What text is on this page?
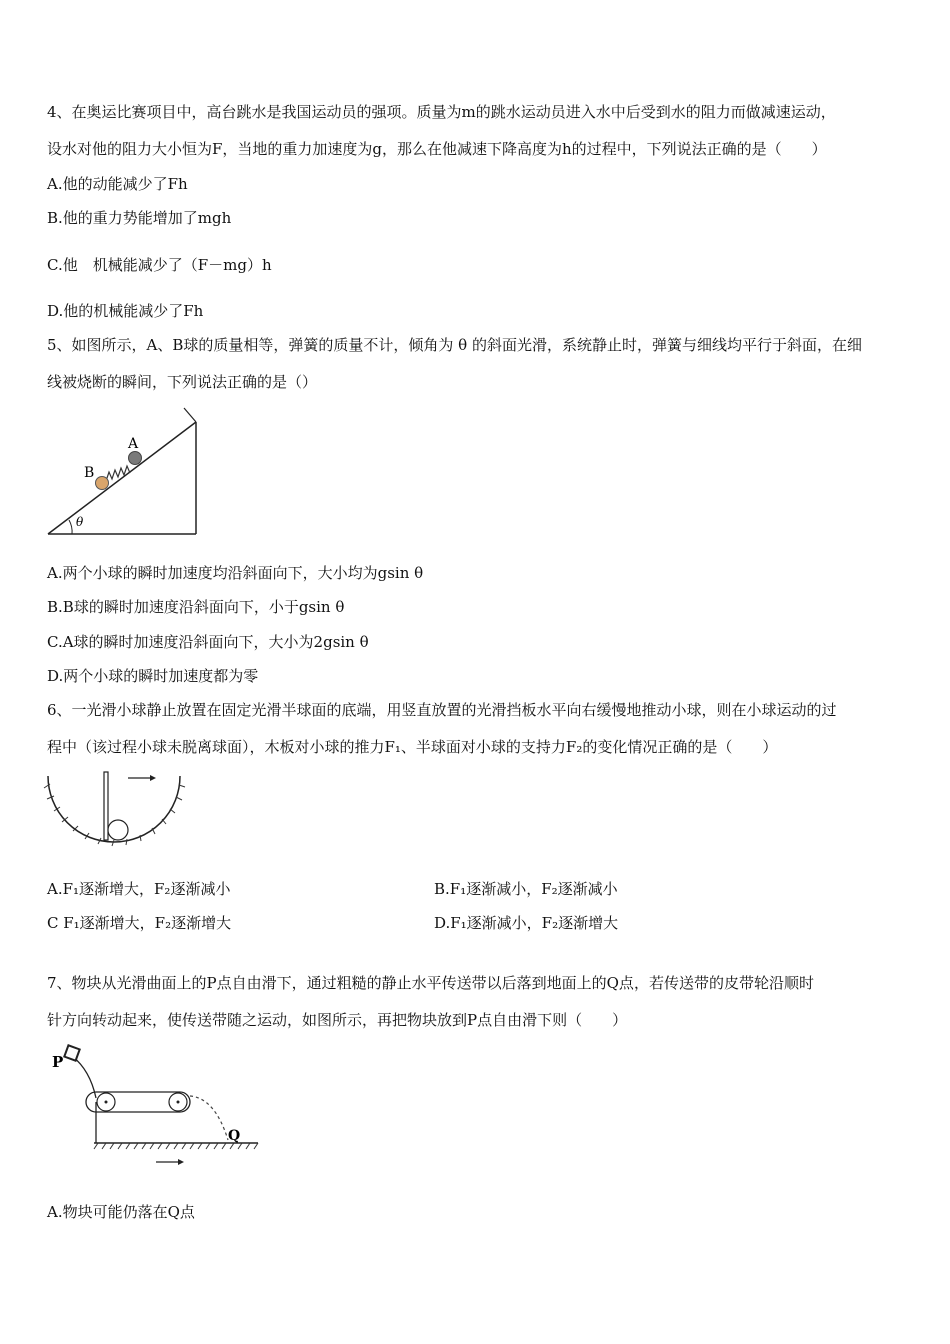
4、在奥运比赛项目中，高台跳水是我国运动员的强项。质量为m的跳水运动员进入水中后受到水的阻力而做减速运动，
设水对他的阻力大小恒为F，当地的重力加速度为g，那么在他减速下降高度为h的过程中，下列说法正确的是（　　）
A.他的动能减少了Fh
B.他的重力势能增加了mgh
C.他　机械能减少了（F－mg）h
D.他的机械能减少了Fh
5、如图所示，A、B球的质量相等，弹簧的质量不计，倾角为 θ 的斜面光滑，系统静止时，弹簧与细线均平行于斜面，在细
线被烧断的瞬间，下列说法正确的是（）
θ
B
A
A.两个小球的瞬时加速度均沿斜面向下，大小均为gsin θ
B.B球的瞬时加速度沿斜面向下，小于gsin θ
C.A球的瞬时加速度沿斜面向下，大小为2gsin θ
D.两个小球的瞬时加速度都为零
6、一光滑小球静止放置在固定光滑半球面的底端，用竖直放置的光滑挡板水平向右缓慢地推动小球，则在小球运动的过
程中（该过程小球未脱离球面），木板对小球的推力F₁、半球面对小球的支持力F₂的变化情况正确的是（　　）
A.F₁逐渐增大，F₂逐渐减小	B.F₁逐渐减小，F₂逐渐减小
C F₁逐渐增大，F₂逐渐增大	D.F₁逐渐减小，F₂逐渐增大
7、物块从光滑曲面上的P点自由滑下，通过粗糙的静止水平传送带以后落到地面上的Q点，若传送带的皮带轮沿顺时
针方向转动起来，使传送带随之运动，如图所示，再把物块放到P点自由滑下则（　　）
P
Q
A.物块可能仍落在Q点
